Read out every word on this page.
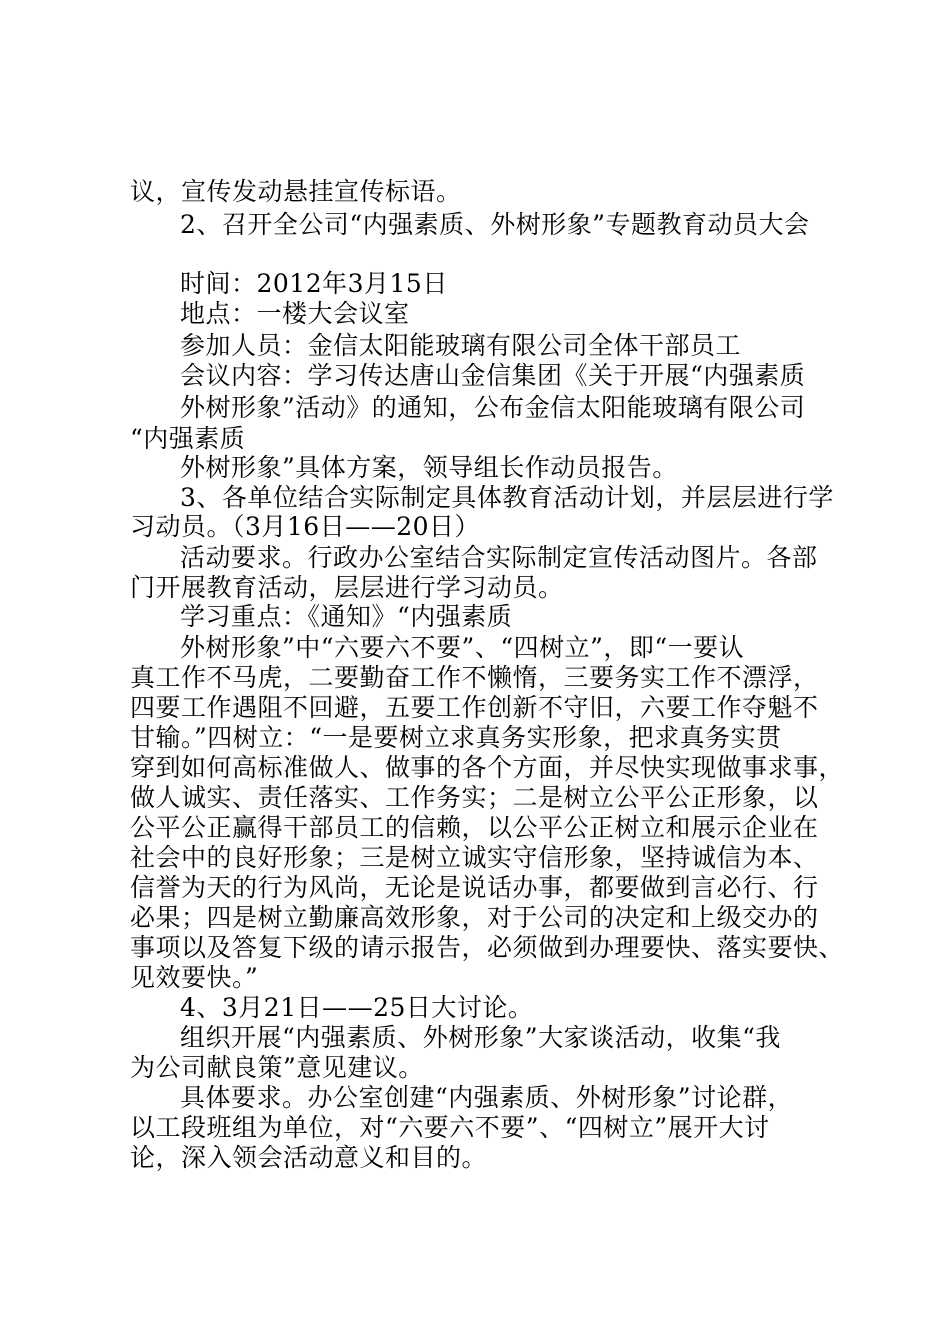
议，宣传发动悬挂宣传标语。
2、召开全公司“内强素质、外树形象”专题教育动员大会
时间：2012年3月15日
地点：一楼大会议室
参加人员：金信太阳能玻璃有限公司全体干部员工
会议内容：学习传达唐山金信集团《关于开展“内强素质
外树形象”活动》的通知，公布金信太阳能玻璃有限公司
“内强素质
外树形象”具体方案，领导组长作动员报告。
3、各单位结合实际制定具体教育活动计划，并层层进行学
习动员。（3月16日——20日）
活动要求。行政办公室结合实际制定宣传活动图片。各部
门开展教育活动，层层进行学习动员。
学习重点：《通知》“内强素质
外树形象”中“六要六不要”、“四树立”，即“一要认
真工作不马虎，二要勤奋工作不懒惰，三要务实工作不漂浮，
四要工作遇阻不回避，五要工作创新不守旧，六要工作夺魁不
甘输。”四树立：“一是要树立求真务实形象，把求真务实贯
穿到如何高标准做人、做事的各个方面，并尽快实现做事求事，
做人诚实、责任落实、工作务实；二是树立公平公正形象，以
公平公正赢得干部员工的信赖，以公平公正树立和展示企业在
社会中的良好形象；三是树立诚实守信形象，坚持诚信为本、
信誉为天的行为风尚，无论是说话办事，都要做到言必行、行
必果；四是树立勤廉高效形象，对于公司的决定和上级交办的
事项以及答复下级的请示报告，必须做到办理要快、落实要快、
见效要快。”
4、3月21日——25日大讨论。
组织开展“内强素质、外树形象”大家谈活动，收集“我
为公司献良策”意见建议。
具体要求。办公室创建“内强素质、外树形象”讨论群，
以工段班组为单位，对“六要六不要”、“四树立”展开大讨
论，深入领会活动意义和目的。
